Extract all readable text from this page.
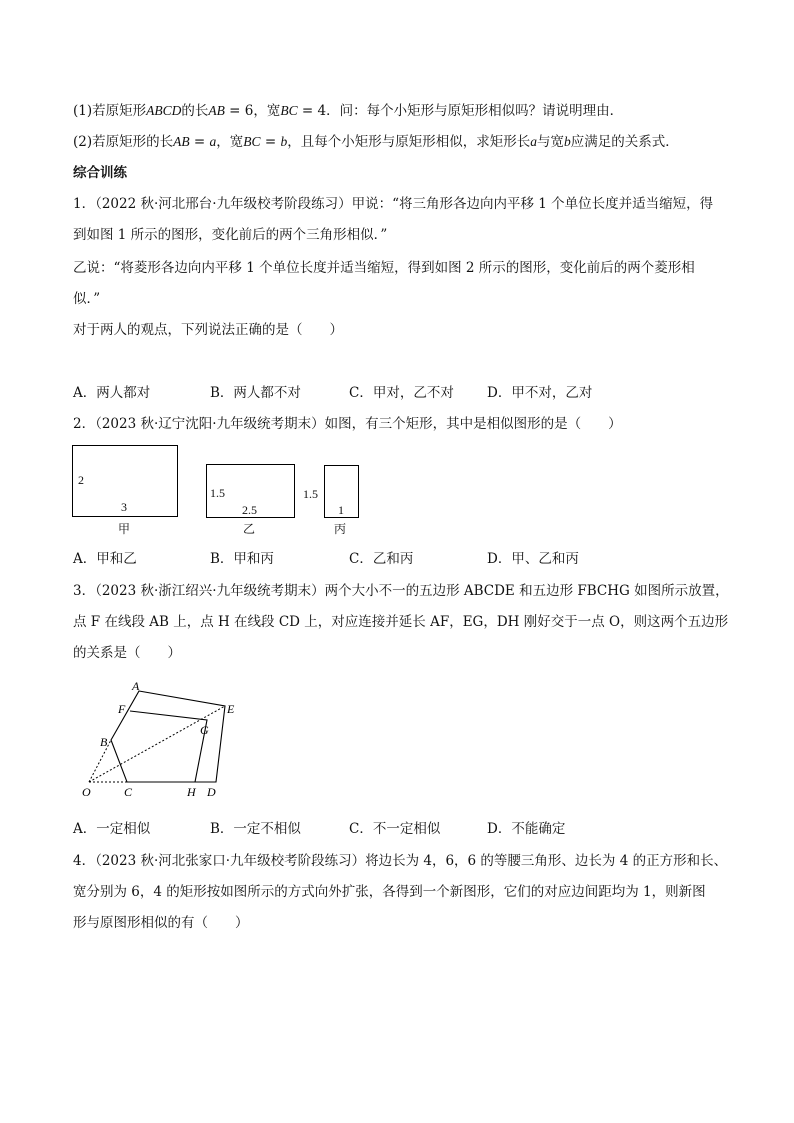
(1)若原矩形ABCD的长AB = 6，宽BC = 4．问：每个小矩形与原矩形相似吗？请说明理由．
(2)若原矩形的长AB = a，宽BC = b，且每个小矩形与原矩形相似，求矩形长a与宽b应满足的关系式．
综合训练
1．（2022 秋·河北邢台·九年级校考阶段练习）甲说：“将三角形各边向内平移 1 个单位长度并适当缩短，得
到如图 1 所示的图形，变化前后的两个三角形相似．”
乙说：“将菱形各边向内平移 1 个单位长度并适当缩短，得到如图 2 所示的图形，变化前后的两个菱形相
似．”
对于两人的观点，下列说法正确的是（　　）
A．两人都对	B．两人都不对	C．甲对，乙不对 D．甲不对，乙对
2．（2023 秋·辽宁沈阳·九年级统考期末）如图，有三个矩形，其中是相似图形的是（　　）
2
3
甲
1.5
2.5
乙
1.5
1
丙
A．甲和乙	B．甲和丙	C．乙和丙	D．甲、乙和丙
3．（2023 秋·浙江绍兴·九年级统考期末）两个大小不一的五边形 ABCDE 和五边形 FBCHG 如图所示放置，
点 F 在线段 AB 上，点 H 在线段 CD 上，对应连接并延长 AF，EG，DH 刚好交于一点 O，则这两个五边形
的关系是（　　）
A
F
B
E
G
O	C	H D
A．一定相似	B．一定不相似	C．不一定相似	D．不能确定
4．（2023 秋·河北张家口·九年级校考阶段练习）将边长为 4，6，6 的等腰三角形、边长为 4 的正方形和长、
宽分别为 6，4 的矩形按如图所示的方式向外扩张，各得到一个新图形，它们的对应边间距均为 1，则新图
形与原图形相似的有（　　）
